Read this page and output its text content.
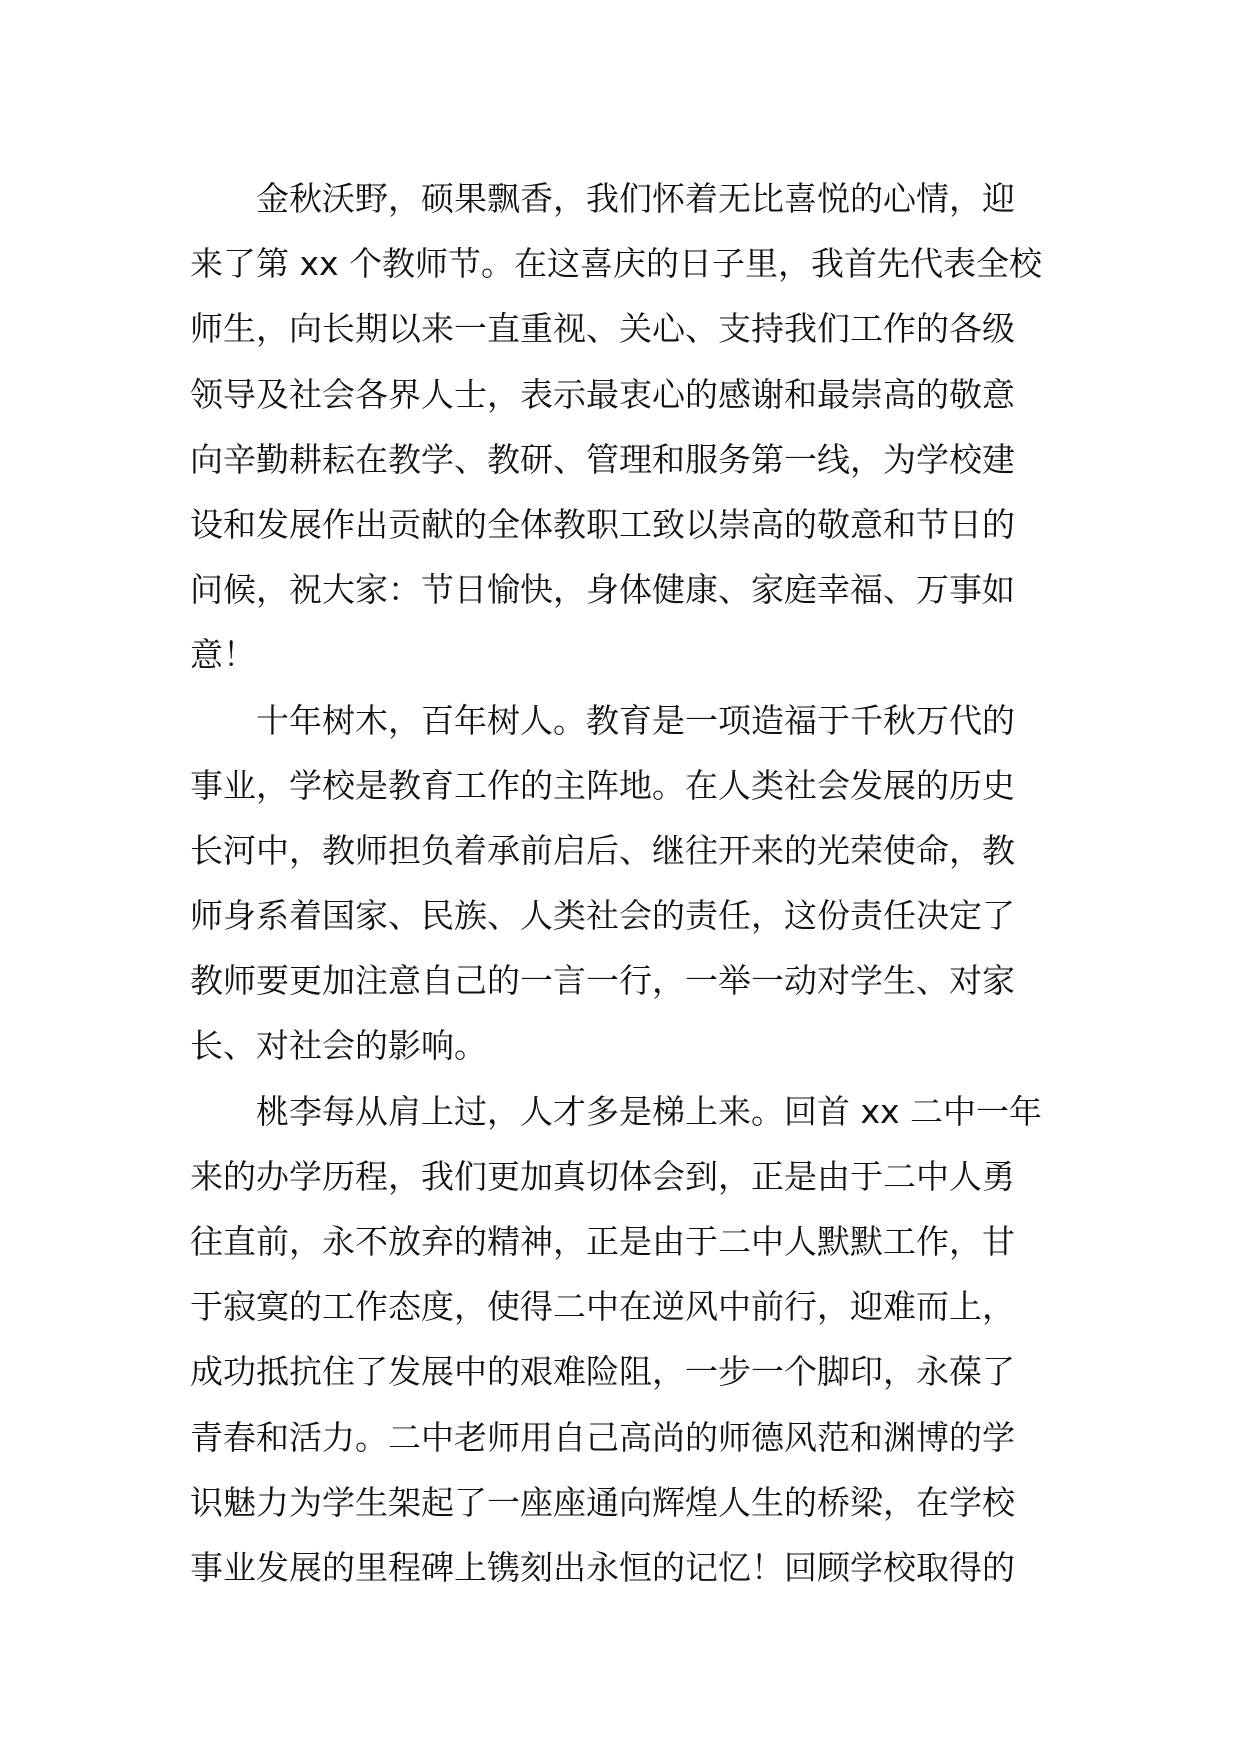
金秋沃野，硕果飘香，我们怀着无比喜悦的心情，迎
来了第 xx 个教师节。在这喜庆的日子里，我首先代表全校
师生，向长期以来一直重视、关心、支持我们工作的各级
领导及社会各界人士，表示最衷心的感谢和最崇高的敬意
向辛勤耕耘在教学、教研、管理和服务第一线，为学校建
设和发展作出贡献的全体教职工致以崇高的敬意和节日的
问候，祝大家：节日愉快，身体健康、家庭幸福、万事如
意！
十年树木，百年树人。教育是一项造福于千秋万代的
事业，学校是教育工作的主阵地。在人类社会发展的历史
长河中，教师担负着承前启后、继往开来的光荣使命，教
师身系着国家、民族、人类社会的责任，这份责任决定了
教师要更加注意自己的一言一行，一举一动对学生、对家
长、对社会的影响。
桃李每从肩上过，人才多是梯上来。回首 xx 二中一年
来的办学历程，我们更加真切体会到，正是由于二中人勇
往直前，永不放弃的精神，正是由于二中人默默工作，甘
于寂寞的工作态度，使得二中在逆风中前行，迎难而上，
成功抵抗住了发展中的艰难险阻，一步一个脚印，永葆了
青春和活力。二中老师用自己高尚的师德风范和渊博的学
识魅力为学生架起了一座座通向辉煌人生的桥梁，在学校
事业发展的里程碑上镌刻出永恒的记忆！回顾学校取得的
